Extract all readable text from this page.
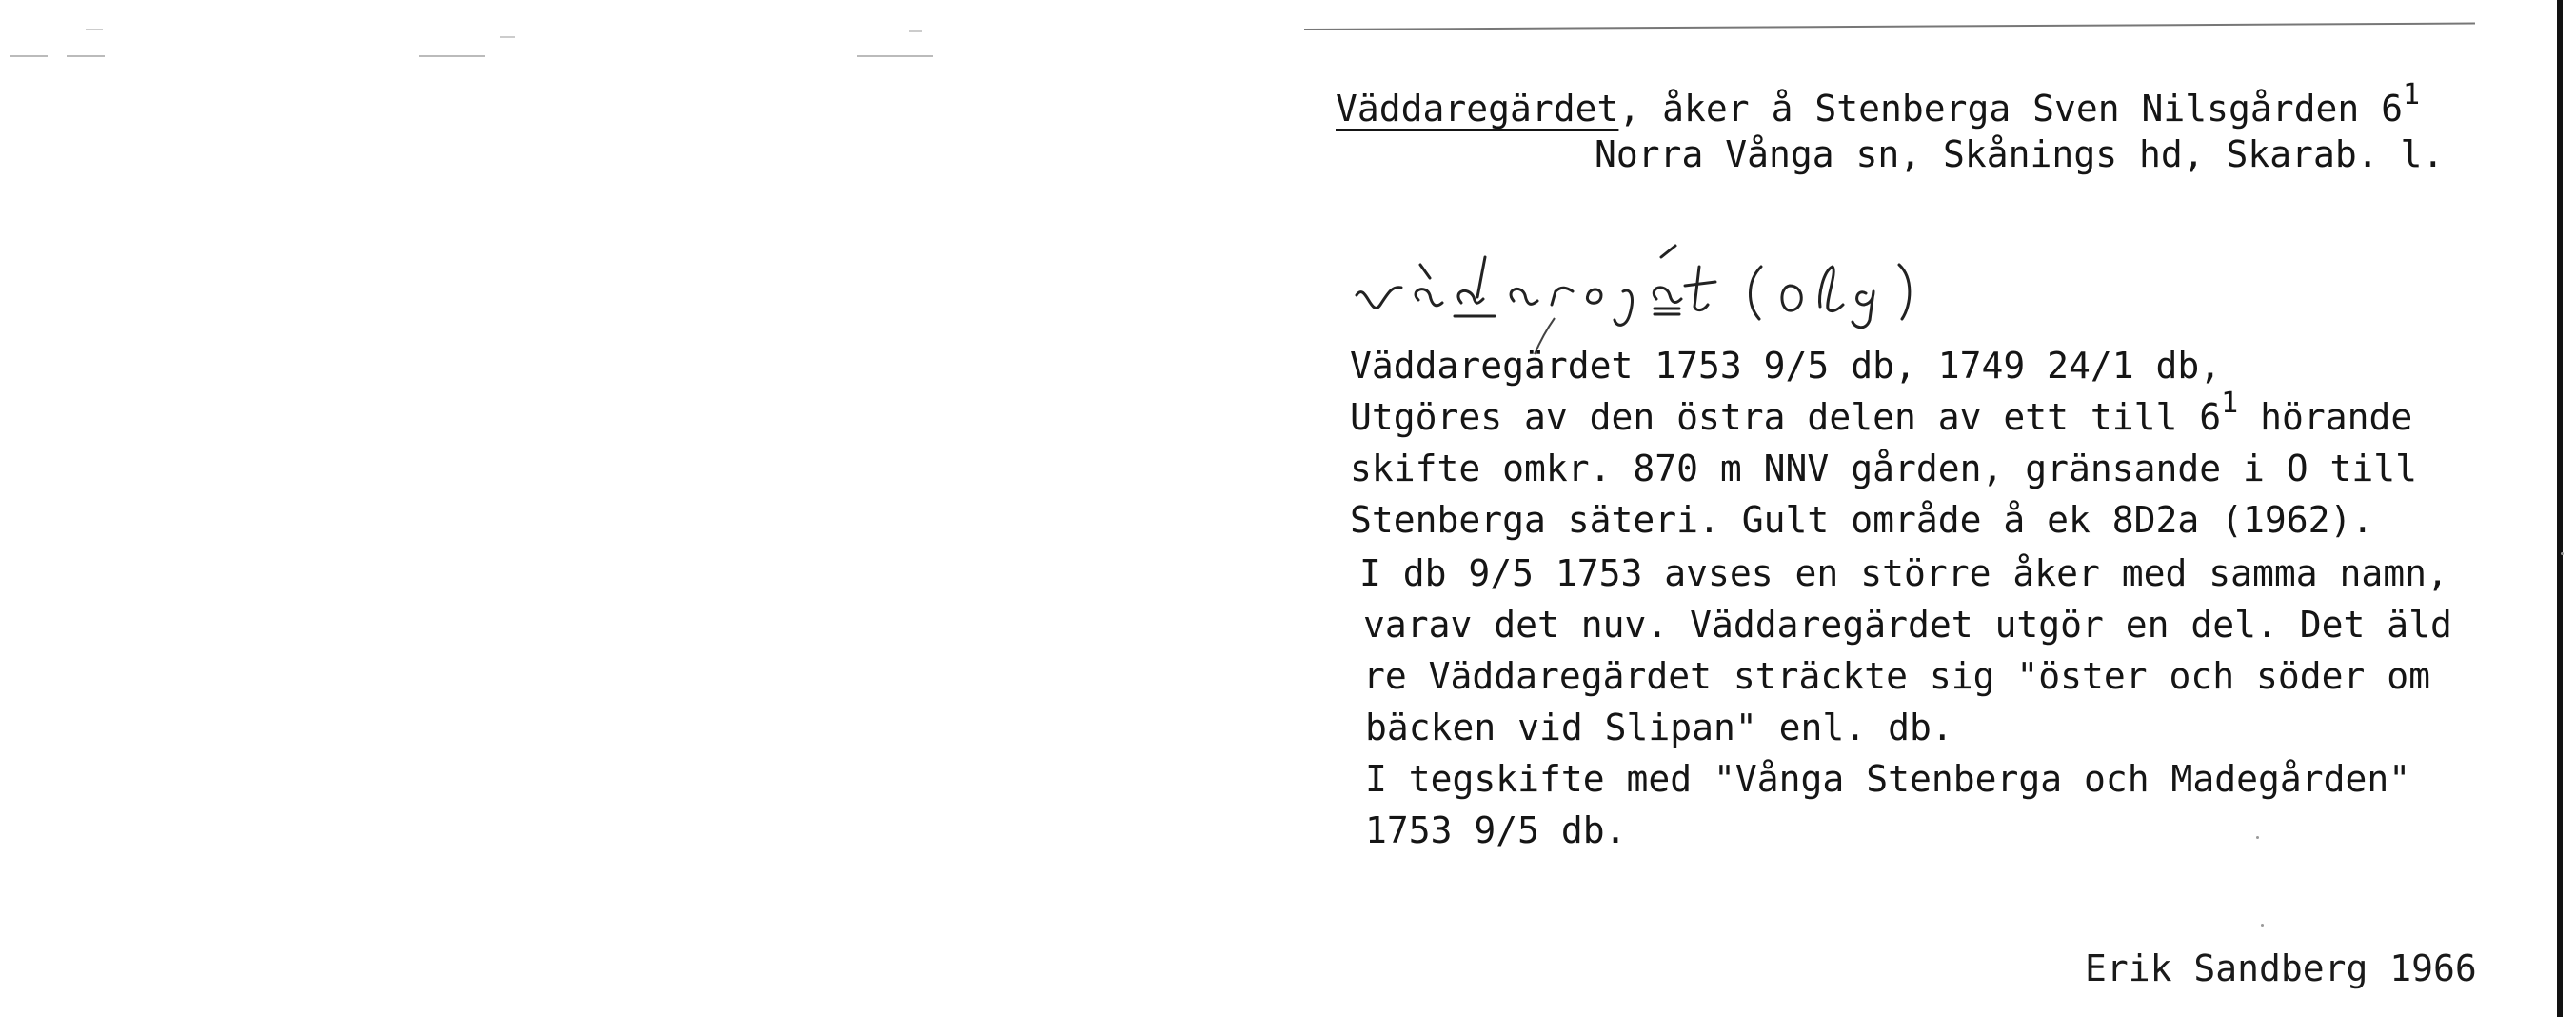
Väddaregärdet, åker å Stenberga Sven Nilsgården $6^1$

Norra Vånga sn, Skånings hd, Skarab. l.

Väddaregärdet 1753 9/5 db, 1749 24/1 db,

Utgöres av den östra delen av ett till $6^1$ hörande

skifte omkr. 870 m NNV gården, gränsande i O till

Stenberga säteri. Gult område å ek 8D2a (1962).

I db 9/5 1753 avses en större åker med samma namn,

varav det nuv. Väddaregärdet utgör en del. Det äld

re Väddaregärdet sträckte sig "öster och söder om

bäcken vid Slipan" enl. db.

I tegskifte med "Vånga Stenberga och Madegården"

1753 9/5 db.

Erik Sandberg 1966
